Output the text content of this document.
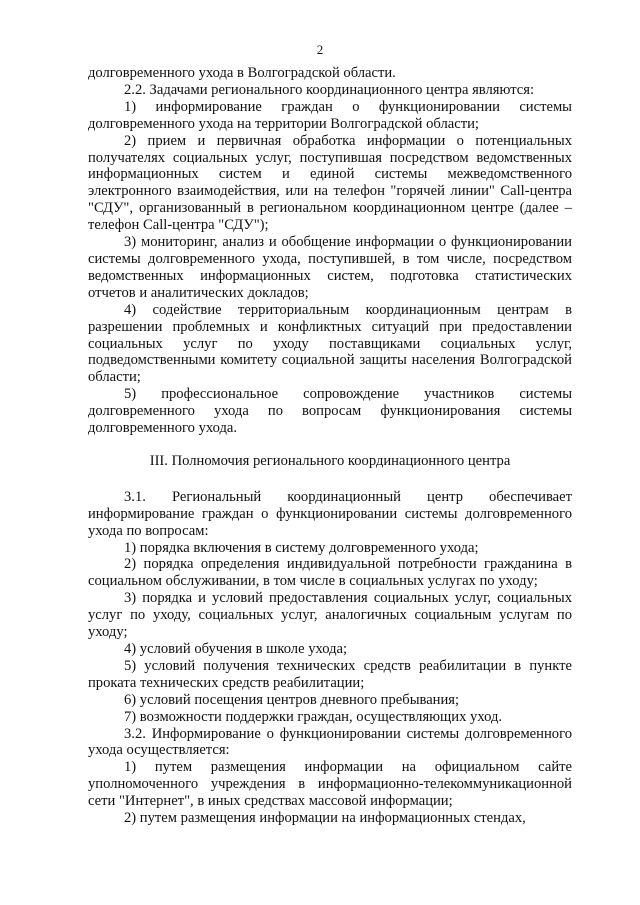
2

долговременного ухода в Волгоградской области.

2.2. Задачами регионального координационного центра являются:

1) информирование граждан о функционировании системы долговременного ухода на территории Волгоградской области;

2) прием и первичная обработка информации о потенциальных получателях социальных услуг, поступившая посредством ведомственных информационных систем и единой системы межведомственного электронного взаимодействия, или на телефон "горячей линии" Call-центра "СДУ", организованный в региональном координационном центре (далее – телефон Call-центра "СДУ");

3) мониторинг, анализ и обобщение информации о функционировании системы долговременного ухода, поступившей, в том числе, посредством ведомственных информационных систем, подготовка статистических отчетов и аналитических докладов;

4) содействие территориальным координационным центрам в разрешении проблемных и конфликтных ситуаций при предоставлении социальных услуг по уходу поставщиками социальных услуг, подведомственными комитету социальной защиты населения Волгоградской области;

5) профессиональное сопровождение участников системы долговременного ухода по вопросам функционирования системы долговременного ухода.

III. Полномочия регионального координационного центра

3.1. Региональный координационный центр обеспечивает информирование граждан о функционировании системы долговременного ухода по вопросам:

1) порядка включения в систему долговременного ухода;

2) порядка определения индивидуальной потребности гражданина в социальном обслуживании, в том числе в социальных услугах по уходу;

3) порядка и условий предоставления социальных услуг, социальных услуг по уходу, социальных услуг, аналогичных социальным услугам по уходу;

4) условий обучения в школе ухода;

5) условий получения технических средств реабилитации в пункте проката технических средств реабилитации;

6) условий посещения центров дневного пребывания;

7) возможности поддержки граждан, осуществляющих уход.

3.2. Информирование о функционировании системы долговременного ухода осуществляется:

1) путем размещения информации на официальном сайте уполномоченного учреждения в информационно-телекоммуникационной сети "Интернет", в иных средствах массовой информации;

2) путем размещения информации на информационных стендах,
